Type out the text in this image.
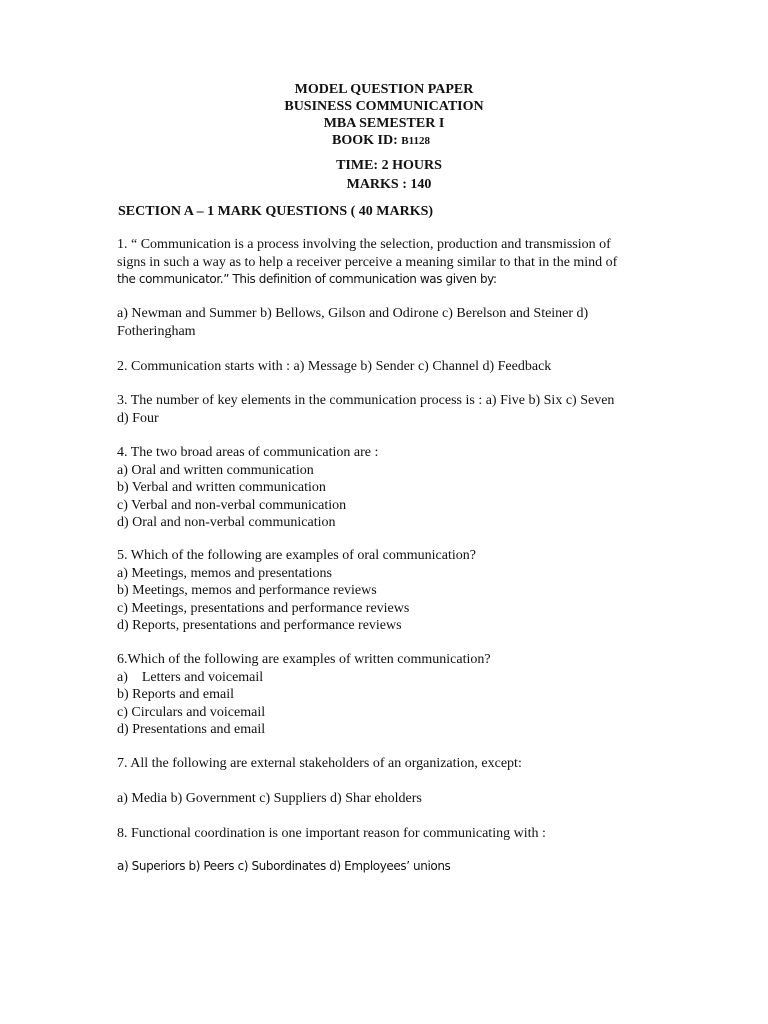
MODEL QUESTION PAPER
BUSINESS COMMUNICATION
MBA SEMESTER I
BOOK ID: B1128
TIME: 2 HOURS
MARKS : 140
SECTION A – 1 MARK QUESTIONS ( 40 MARKS)
1. “ Communication is a process involving the selection, production and transmission of
signs in such a way as to help a receiver perceive a meaning similar to that in the mind of
the communicator.” This definition of communication was given by:
a) Newman and Summer b) Bellows, Gilson and Odirone c) Berelson and Steiner d)
Fotheringham
2. Communication starts with : a) Message b) Sender c) Channel d) Feedback
3. The number of key elements in the communication process is : a) Five b) Six c) Seven
d) Four
4. The two broad areas of communication are :
a) Oral and written communication
b) Verbal and written communication
c) Verbal and non-verbal communication
d) Oral and non-verbal communication
5. Which of the following are examples of oral communication?
a) Meetings, memos and presentations
b) Meetings, memos and performance reviews
c) Meetings, presentations and performance reviews
d) Reports, presentations and performance reviews
6.Which of the following are examples of written communication?
a)    Letters and voicemail
b) Reports and email
c) Circulars and voicemail
d) Presentations and email
7. All the following are external stakeholders of an organization, except:
a) Media b) Government c) Suppliers d) Shar eholders
8. Functional coordination is one important reason for communicating with :
a) Superiors b) Peers c) Subordinates d) Employees’ unions
